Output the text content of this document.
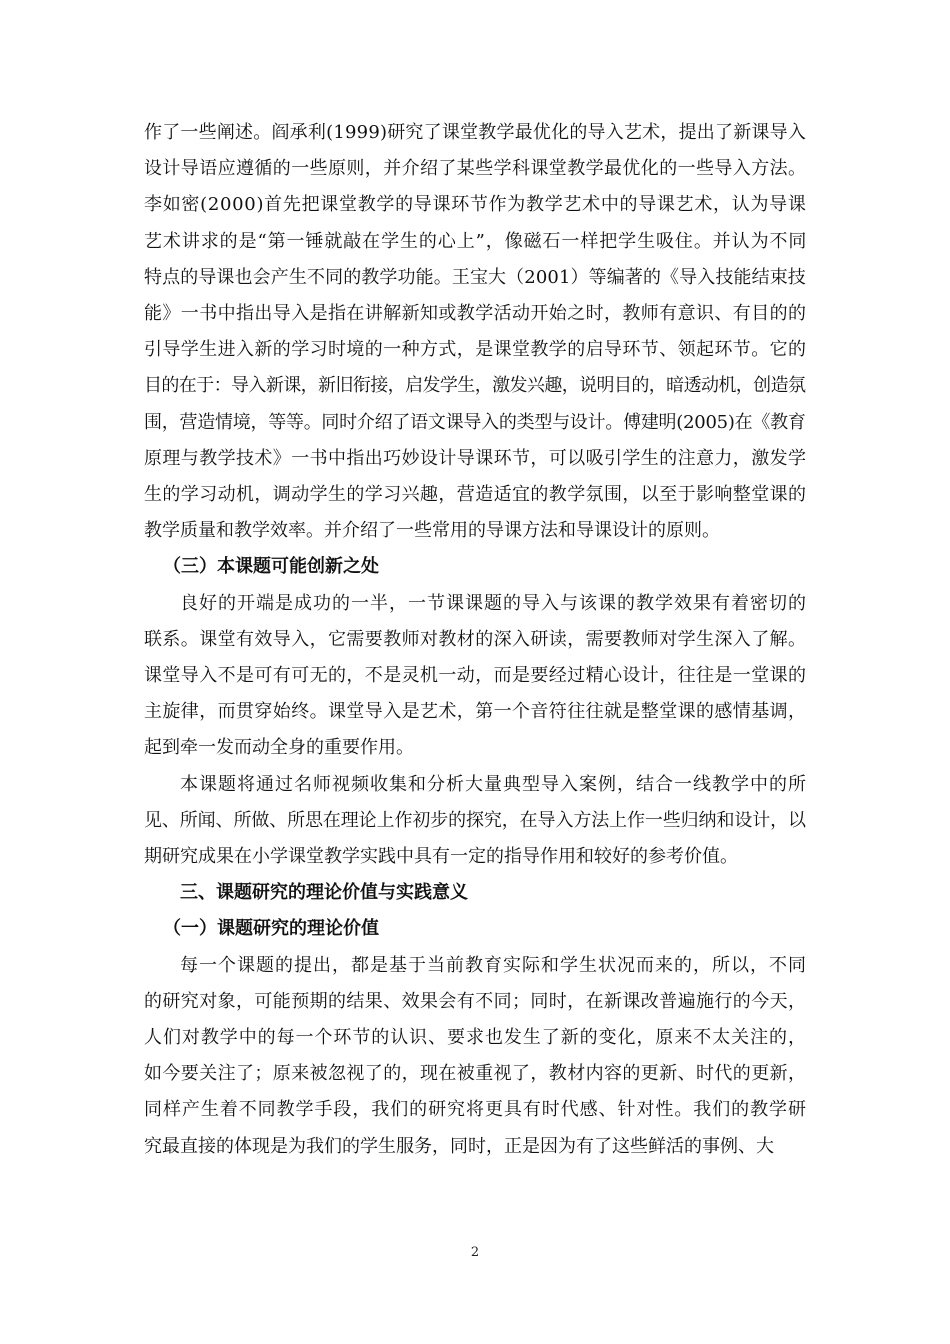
作了一些阐述。阎承利(1999)研究了课堂教学最优化的导入艺术，提出了新课导入
设计导语应遵循的一些原则，并介绍了某些学科课堂教学最优化的一些导入方法。
李如密(2000)首先把课堂教学的导课环节作为教学艺术中的导课艺术，认为导课
艺术讲求的是“第一锤就敲在学生的心上”，像磁石一样把学生吸住。并认为不同
特点的导课也会产生不同的教学功能。王宝大（2001）等编著的《导入技能结束技
能》一书中指出导入是指在讲解新知或教学活动开始之时，教师有意识、有目的的
引导学生进入新的学习时境的一种方式，是课堂教学的启导环节、领起环节。它的
目的在于：导入新课，新旧衔接，启发学生，激发兴趣，说明目的，暗透动机，创造氛
围，营造情境，等等。同时介绍了语文课导入的类型与设计。傅建明(2005)在《教育
原理与教学技术》一书中指出巧妙设计导课环节，可以吸引学生的注意力，激发学
生的学习动机，调动学生的学习兴趣，营造适宜的教学氛围，以至于影响整堂课的
教学质量和教学效率。并介绍了一些常用的导课方法和导课设计的原则。
（三）本课题可能创新之处
良好的开端是成功的一半，一节课课题的导入与该课的教学效果有着密切的
联系。课堂有效导入，它需要教师对教材的深入研读，需要教师对学生深入了解。
课堂导入不是可有可无的，不是灵机一动，而是要经过精心设计，往往是一堂课的
主旋律，而贯穿始终。课堂导入是艺术，第一个音符往往就是整堂课的感情基调，
起到牵一发而动全身的重要作用。
本课题将通过名师视频收集和分析大量典型导入案例，结合一线教学中的所
见、所闻、所做、所思在理论上作初步的探究，在导入方法上作一些归纳和设计，以
期研究成果在小学课堂教学实践中具有一定的指导作用和较好的参考价值。
三、课题研究的理论价值与实践意义
（一）课题研究的理论价值
每一个课题的提出，都是基于当前教育实际和学生状况而来的，所以，不同
的研究对象，可能预期的结果、效果会有不同；同时，在新课改普遍施行的今天，
人们对教学中的每一个环节的认识、要求也发生了新的变化，原来不太关注的，
如今要关注了；原来被忽视了的，现在被重视了，教材内容的更新、时代的更新，
同样产生着不同教学手段，我们的研究将更具有时代感、针对性。我们的教学研
究最直接的体现是为我们的学生服务，同时，正是因为有了这些鲜活的事例、大
2
